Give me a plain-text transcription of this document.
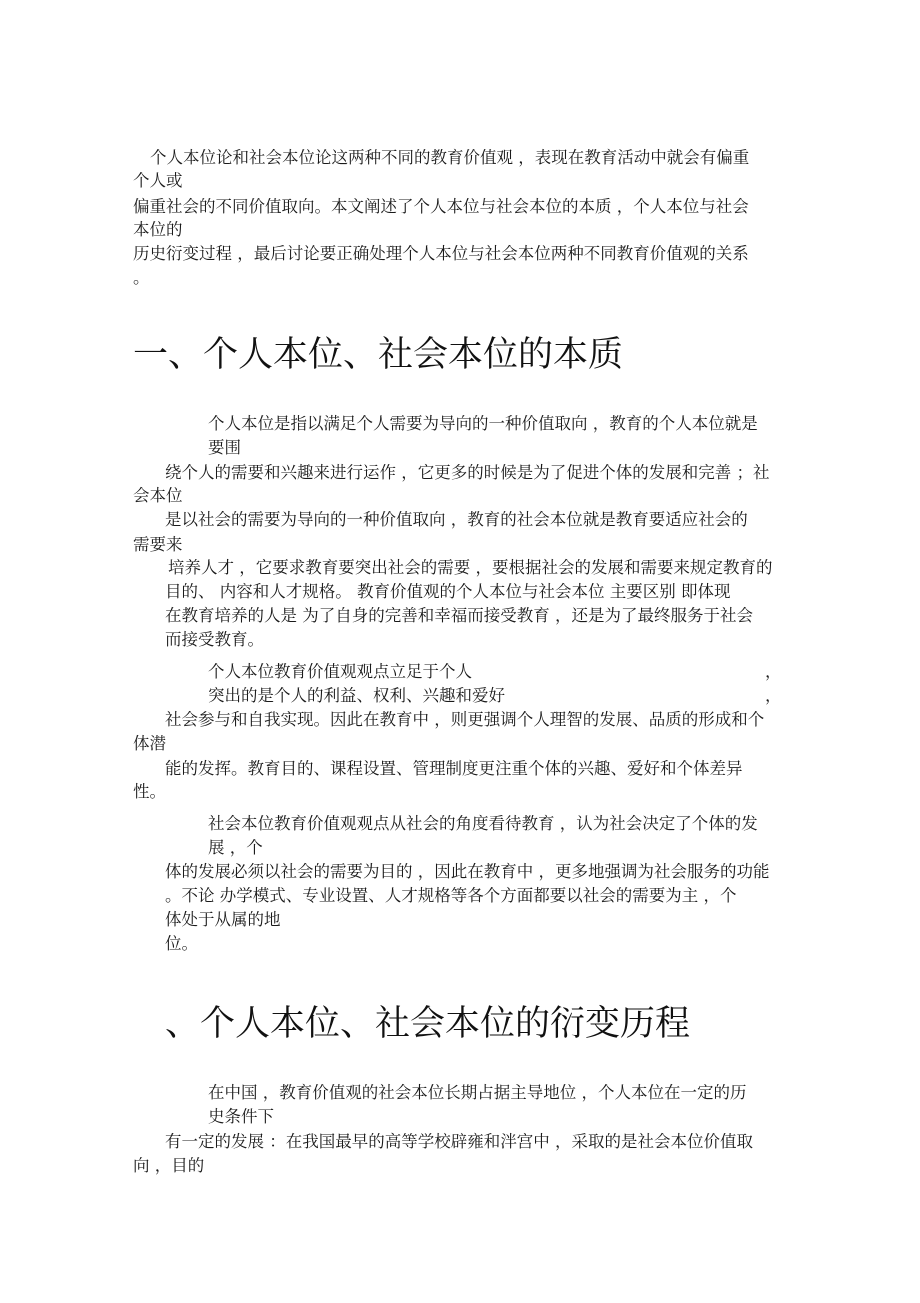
个人本位论和社会本位论这两种不同的教育价值观 ，表现在教育活动中就会有偏重
个人或
偏重社会的不同价值取向。本文阐述了个人本位与社会本位的本质 ，个人本位与社会
本位的
历史衍变过程 ，最后讨论要正确处理个人本位与社会本位两种不同教育价值观的关系
。
一、个人本位、社会本位的本质
个人本位是指以满足个人需要为导向的一种价值取向 ，教育的个人本位就是
要围
绕个人的需要和兴趣来进行运作 ，它更多的时候是为了促进个体的发展和完善 ；社
会本位
是以社会的需要为导向的一种价值取向 ，教育的社会本位就是教育要适应社会的
需要来
培养人才 ，它要求教育要突出社会的需要 ，要根据社会的发展和需要来规定教育的
目的、 内容和人才规格。 教育价值观的个人本位与社会本位 主要区别 即体现
在教育培养的人是 为了自身的完善和幸福而接受教育 ，还是为了最终服务于社会
而接受教育。
个人本位教育价值观观点立足于个人	，
突出的是个人的利益、权利、兴趣和爱好	，
社会参与和自我实现。因此在教育中 ，则更强调个人理智的发展、品质的形成和个
体潜
能的发挥。教育目的、课程设置、管理制度更注重个体的兴趣、爱好和个体差异
性。
社会本位教育价值观观点从社会的角度看待教育 ，认为社会决定了个体的发
展 ，个
体的发展必须以社会的需要为目的 ，因此在教育中 ，更多地强调为社会服务的功能
。不论 办学模式、专业设置、人才规格等各个方面都要以社会的需要为主 ，个
体处于从属的地
位。
、个人本位、社会本位的衍变历程
在中国 ，教育价值观的社会本位长期占据主导地位 ，个人本位在一定的历
史条件下
有一定的发展 ：在我国最早的高等学校辟雍和泮宫中 ，采取的是社会本位价值取
向 ，目的
